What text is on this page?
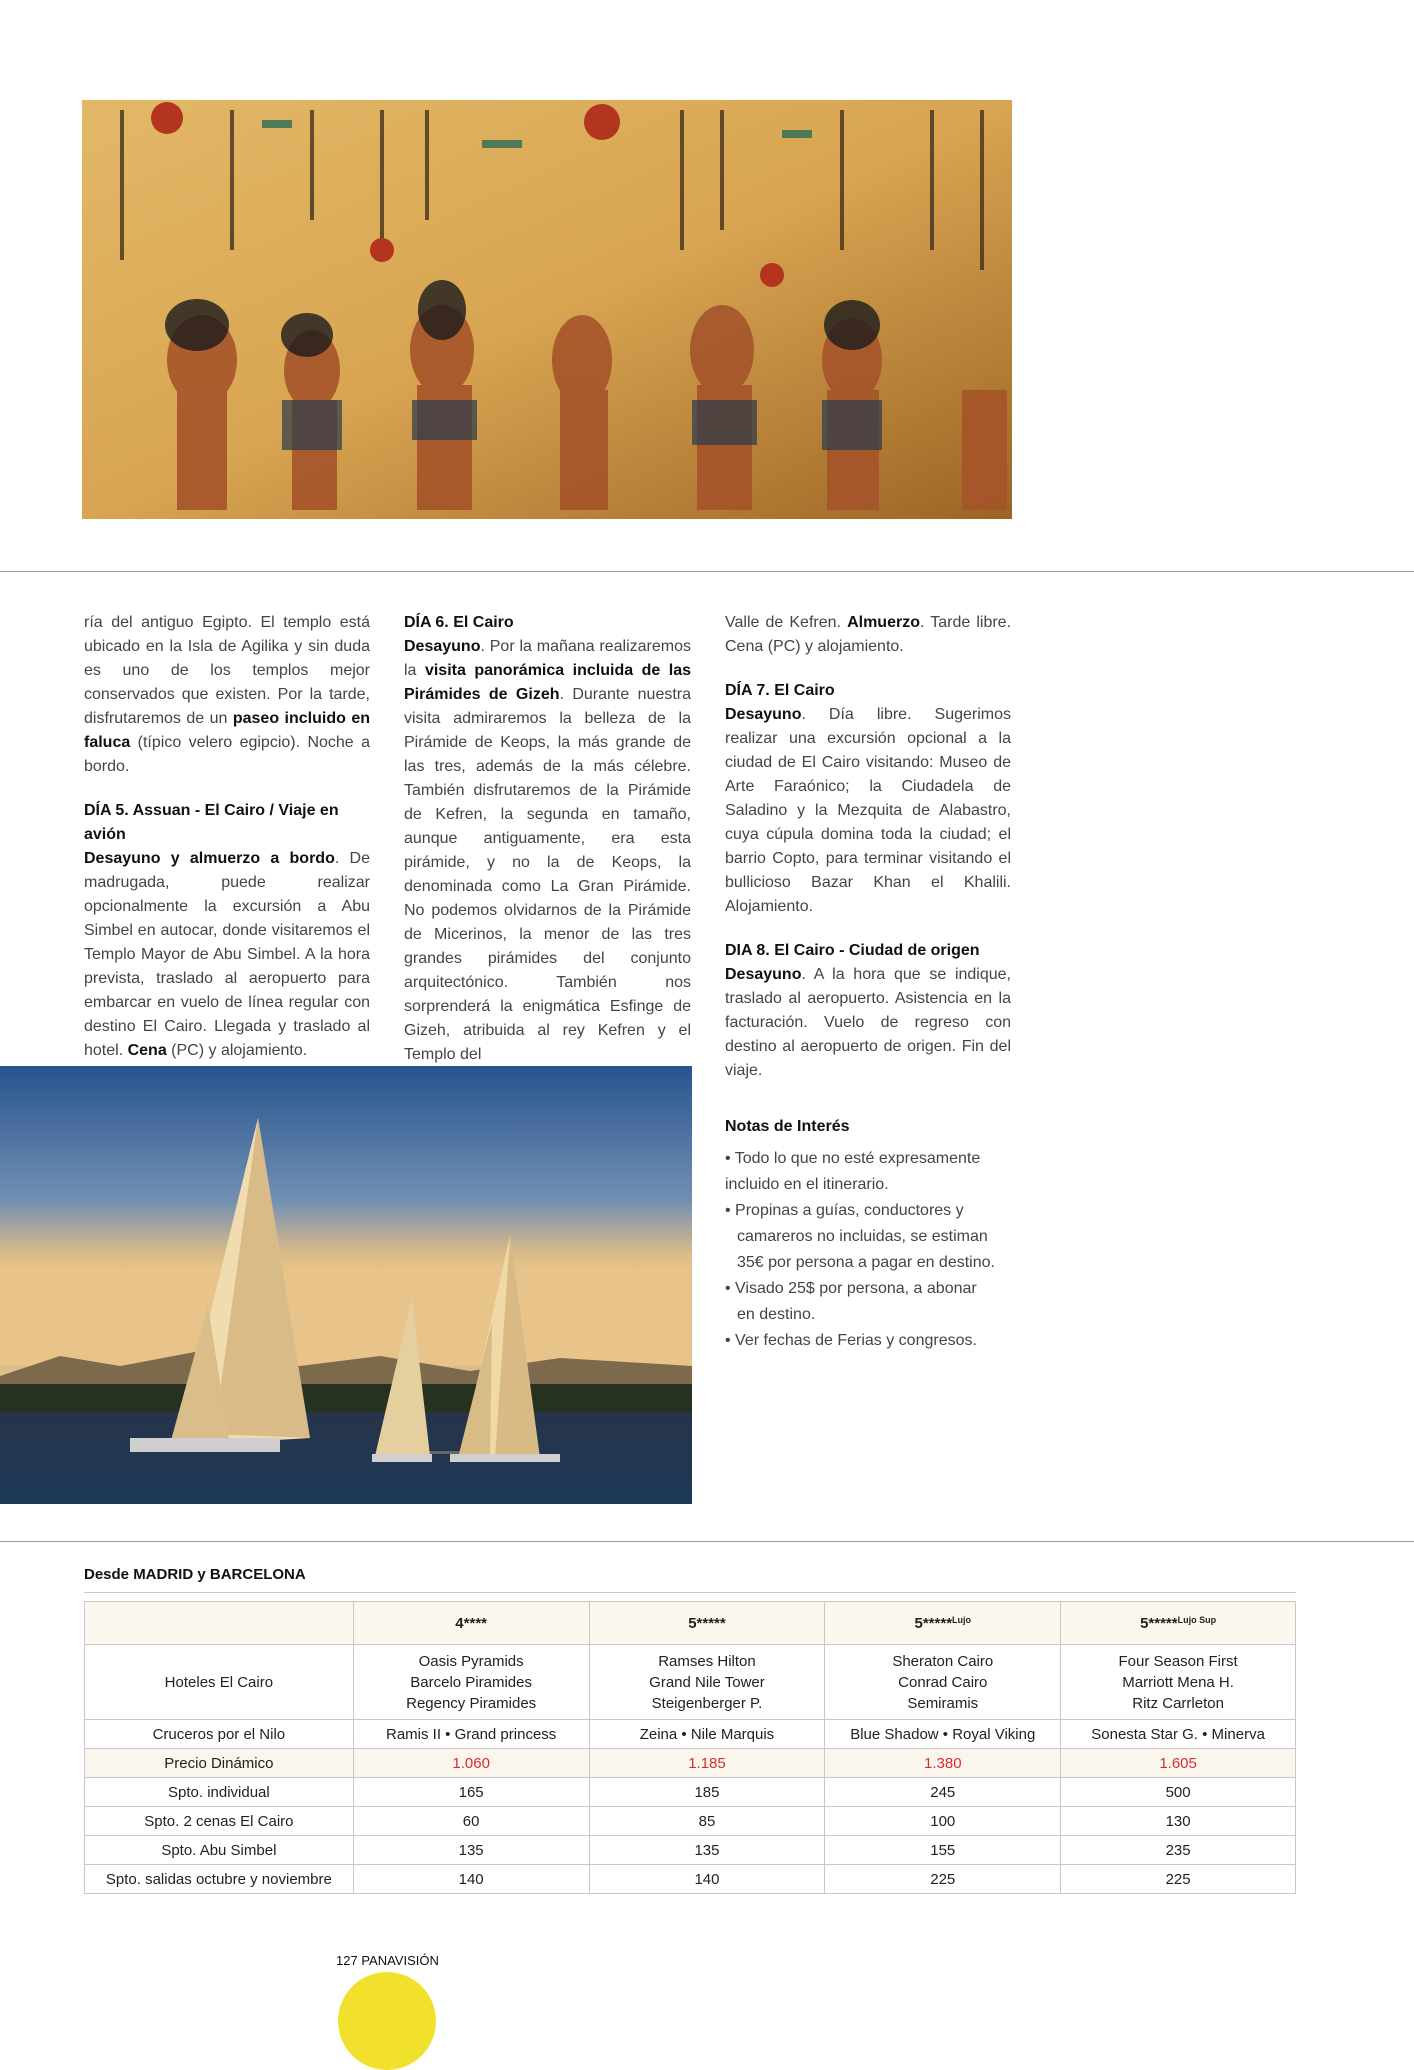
ría del antiguo Egipto. El templo está ubicado en la Isla de Agilika y sin duda es uno de los templos mejor conservados que existen. Por la tarde, disfrutaremos de un paseo incluido en faluca (típico velero egipcio). Noche a bordo.

DÍA 5. Assuan - El Cairo / Viaje en avión

Desayuno y almuerzo a bordo. De madrugada, puede realizar opcionalmente la excursión a Abu Simbel en autocar, donde visitaremos el Templo Mayor de Abu Simbel. A la hora prevista, traslado al aeropuerto para embarcar en vuelo de línea regular con destino El Cairo. Llegada y traslado al hotel. Cena (PC) y alojamiento.

DÍA 6. El Cairo

Desayuno. Por la mañana realizaremos la visita panorámica incluida de las Pirámides de Gizeh. Durante nuestra visita admiraremos la belleza de la Pirámide de Keops, la más grande de las tres, además de la más célebre. También disfrutaremos de la Pirámide de Kefren, la segunda en tamaño, aunque antiguamente, era esta pirámide, y no la de Keops, la denominada como La Gran Pirámide. No podemos olvidarnos de la Pirámide de Micerinos, la menor de las tres grandes pirámides del conjunto arquitectónico. También nos sorprenderá la enigmática Esfinge de Gizeh, atribuida al rey Kefren y el Templo del

Valle de Kefren. Almuerzo. Tarde libre. Cena (PC) y alojamiento.

DÍA 7. El Cairo

Desayuno. Día libre. Sugerimos realizar una excursión opcional a la ciudad de El Cairo visitando: Museo de Arte Faraónico; la Ciudadela de Saladino y la Mezquita de Alabastro, cuya cúpula domina toda la ciudad; el barrio Copto, para terminar visitando el bullicioso Bazar Khan el Khalili. Alojamiento.

DIA 8. El Cairo - Ciudad de origen

Desayuno. A la hora que se indique, traslado al aeropuerto. Asistencia en la facturación. Vuelo de regreso con destino al aeropuerto de origen. Fin del viaje.

Notas de Interés
• Todo lo que no esté expresamente
incluido en el itinerario.
• Propinas a guías, conductores y
camareros no incluidas, se estiman
35€ por persona a pagar en destino.
• Visado 25$ por persona, a abonar
en destino.
• Ver fechas de Ferias y congresos.
Desde MADRID y BARCELONA
	4****	5*****	5*****$^{Lujo}$	5*****$^{Lujo Sup}$
Hoteles El Cairo	Oasis Pyramids
Barcelo Piramides
Regency Piramides	Ramses Hilton
Grand Nile Tower
Steigenberger P.	Sheraton Cairo
Conrad Cairo
Semiramis	Four Season First
Marriott Mena H.
Ritz Carrleton
Cruceros por el Nilo	Ramis II • Grand princess	Zeina • Nile Marquis	Blue Shadow • Royal Viking	Sonesta Star G. • Minerva
Precio Dinámico	1.060	1.185	1.380	1.605
Spto. individual	165	185	245	500
Spto. 2 cenas El Cairo	60	85	100	130
Spto. Abu Simbel	135	135	155	235
Spto. salidas octubre y noviembre	140	140	225	225
127 PANAVISIÓN
